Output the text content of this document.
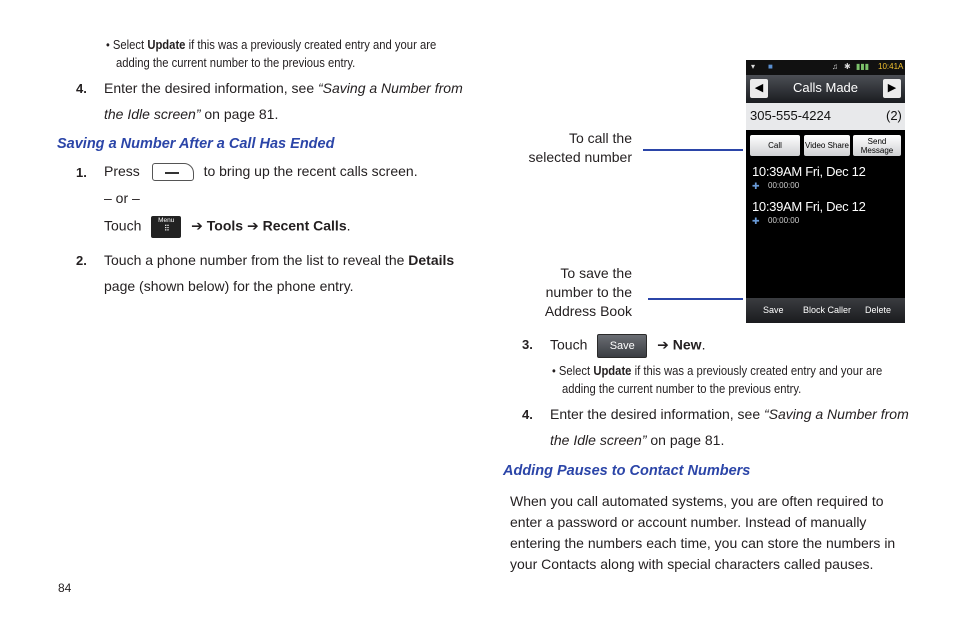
• Select Update if this was a previously created entry and your are
adding the current number to the previous entry.
4. Enter the desired information, see “Saving a Number from
the Idle screen” on page 81.
Saving a Number After a Call Has Ended
1. Press	to bring up the recent calls screen.
– or –
Touch	Menu
⠿ ➔ Tools ➔ Recent Calls.
2. Touch a phone number from the list to reveal the Details
page (shown below) for the phone entry.
84
To call the
selected number
To save the
number to the
Address Book
▾ ■	♫ ✱ ▮▮▮ 10:41A
◀	Calls Made	▶
305-555-4224	(2)
Call	Video Share	Send Message
10:39AM Fri, Dec 12
✚ 00:00:00
10:39AM Fri, Dec 12
✚ 00:00:00
Save Block Caller Delete
3. Touch Save ➔ New.
• Select Update if this was a previously created entry and your are
adding the current number to the previous entry.
4. Enter the desired information, see “Saving a Number from
the Idle screen” on page 81.
Adding Pauses to Contact Numbers
When you call automated systems, you are often required to
enter a password or account number. Instead of manually
entering the numbers each time, you can store the numbers in
your Contacts along with special characters called pauses.
